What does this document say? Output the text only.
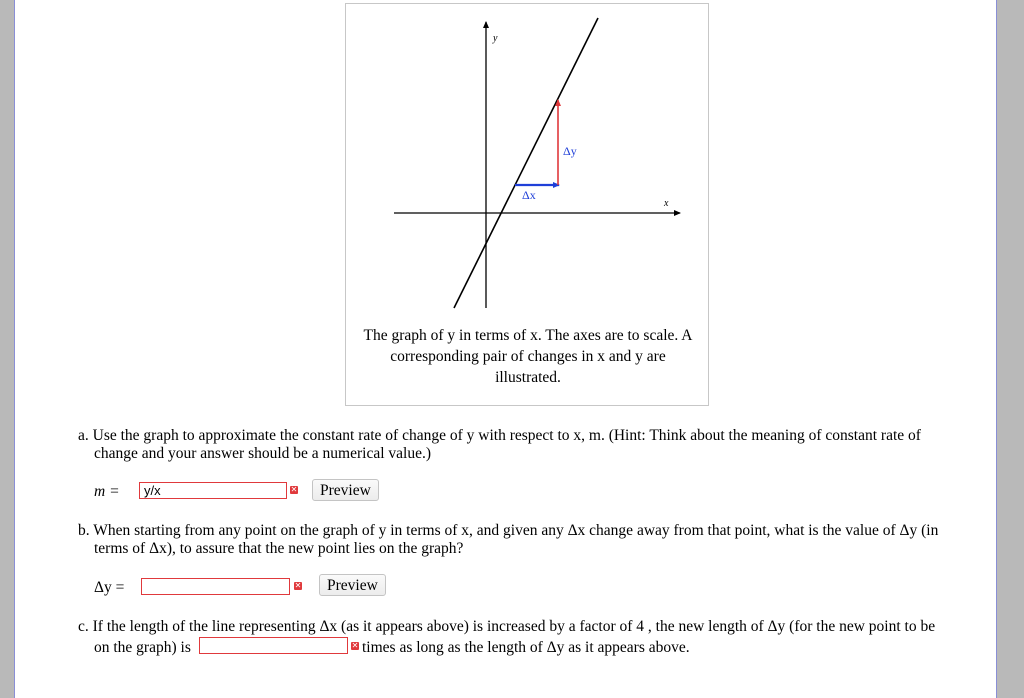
y
x
Δy
Δx
The graph of y in terms of x. The axes are to scale. A
corresponding pair of changes in x and y are
illustrated.
a. Use the graph to approximate the constant rate of change of y with respect to x, m. (Hint: Think about the meaning of constant rate of
change and your answer should be a numerical value.)
m =
y/x	✕	Preview
b. When starting from any point on the graph of y in terms of x, and given any Δx change away from that point, what is the value of Δy (in
terms of Δx), to assure that the new point lies on the graph?
Δy =	✕	Preview
c. If the length of the line representing Δx (as it appears above) is increased by a factor of 4 , the new length of Δy (for the new point to be
on the graph) is	✕ times as long as the length of Δy as it appears above.
